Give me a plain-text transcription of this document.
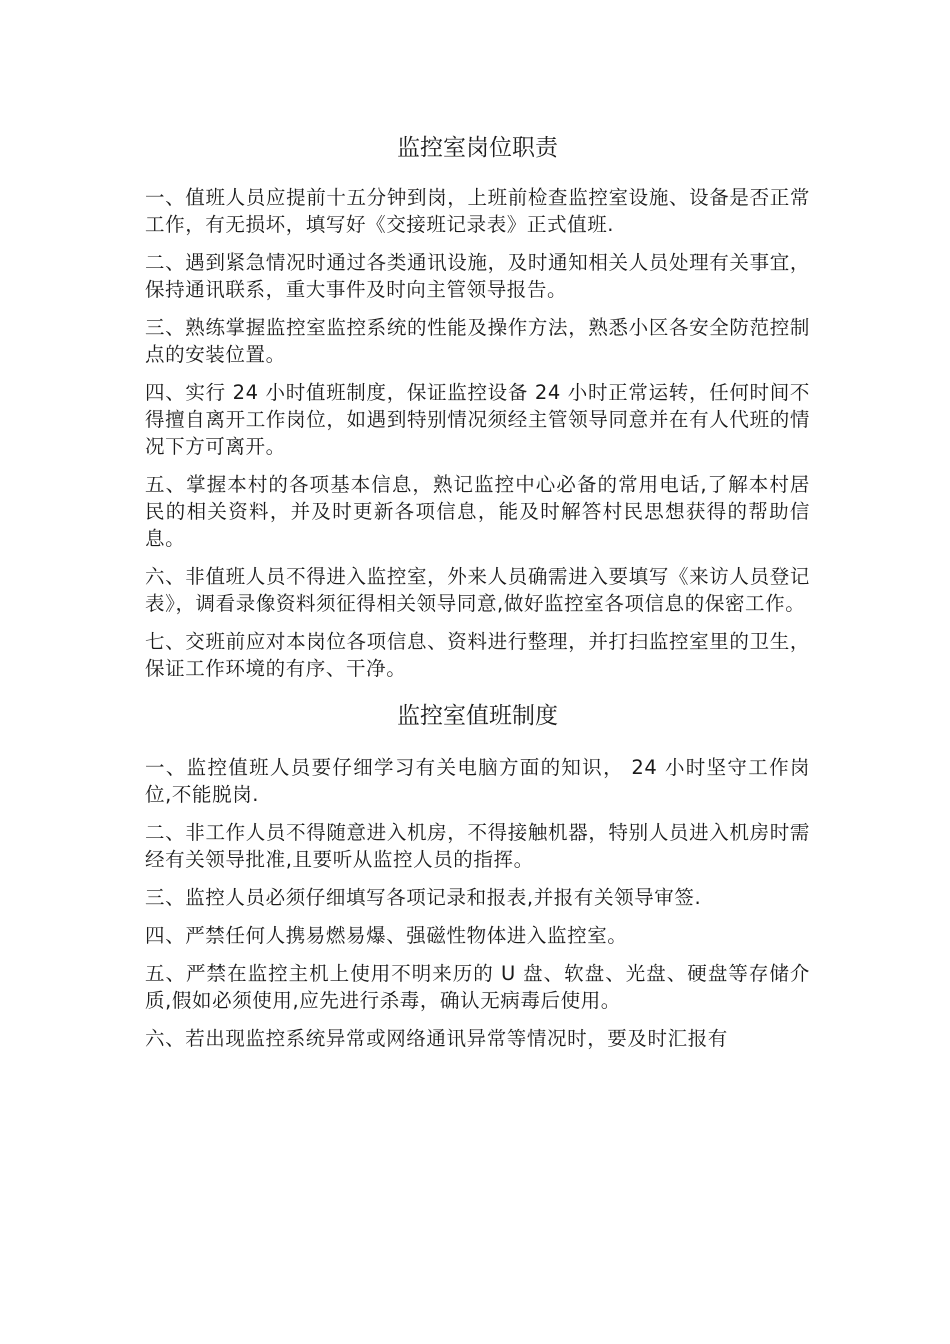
监控室岗位职责

一、值班人员应提前十五分钟到岗，上班前检查监控室设施、设备是否正常工作，有无损坏，填写好《交接班记录表》正式值班.

二、遇到紧急情况时通过各类通讯设施，及时通知相关人员处理有关事宜，保持通讯联系，重大事件及时向主管领导报告。

三、熟练掌握监控室监控系统的性能及操作方法，熟悉小区各安全防范控制点的安装位置。

四、实行 24 小时值班制度，保证监控设备 24 小时正常运转，任何时间不得擅自离开工作岗位，如遇到特别情况须经主管领导同意并在有人代班的情况下方可离开。

五、掌握本村的各项基本信息，熟记监控中心必备的常用电话,了解本村居民的相关资料，并及时更新各项信息，能及时解答村民思想获得的帮助信息。

六、非值班人员不得进入监控室，外来人员确需进入要填写《来访人员登记表》，调看录像资料须征得相关领导同意,做好监控室各项信息的保密工作。

七、交班前应对本岗位各项信息、资料进行整理，并打扫监控室里的卫生，保证工作环境的有序、干净。

监控室值班制度

一、监控值班人员要仔细学习有关电脑方面的知识， 24 小时坚守工作岗位,不能脱岗.

二、非工作人员不得随意进入机房，不得接触机器，特别人员进入机房时需经有关领导批准,且要听从监控人员的指挥。

三、监控人员必须仔细填写各项记录和报表,并报有关领导审签.

四、严禁任何人携易燃易爆、强磁性物体进入监控室。

五、严禁在监控主机上使用不明来历的 U 盘、软盘、光盘、硬盘等存储介质,假如必须使用,应先进行杀毒，确认无病毒后使用。

六、若出现监控系统异常或网络通讯异常等情况时，要及时汇报有
